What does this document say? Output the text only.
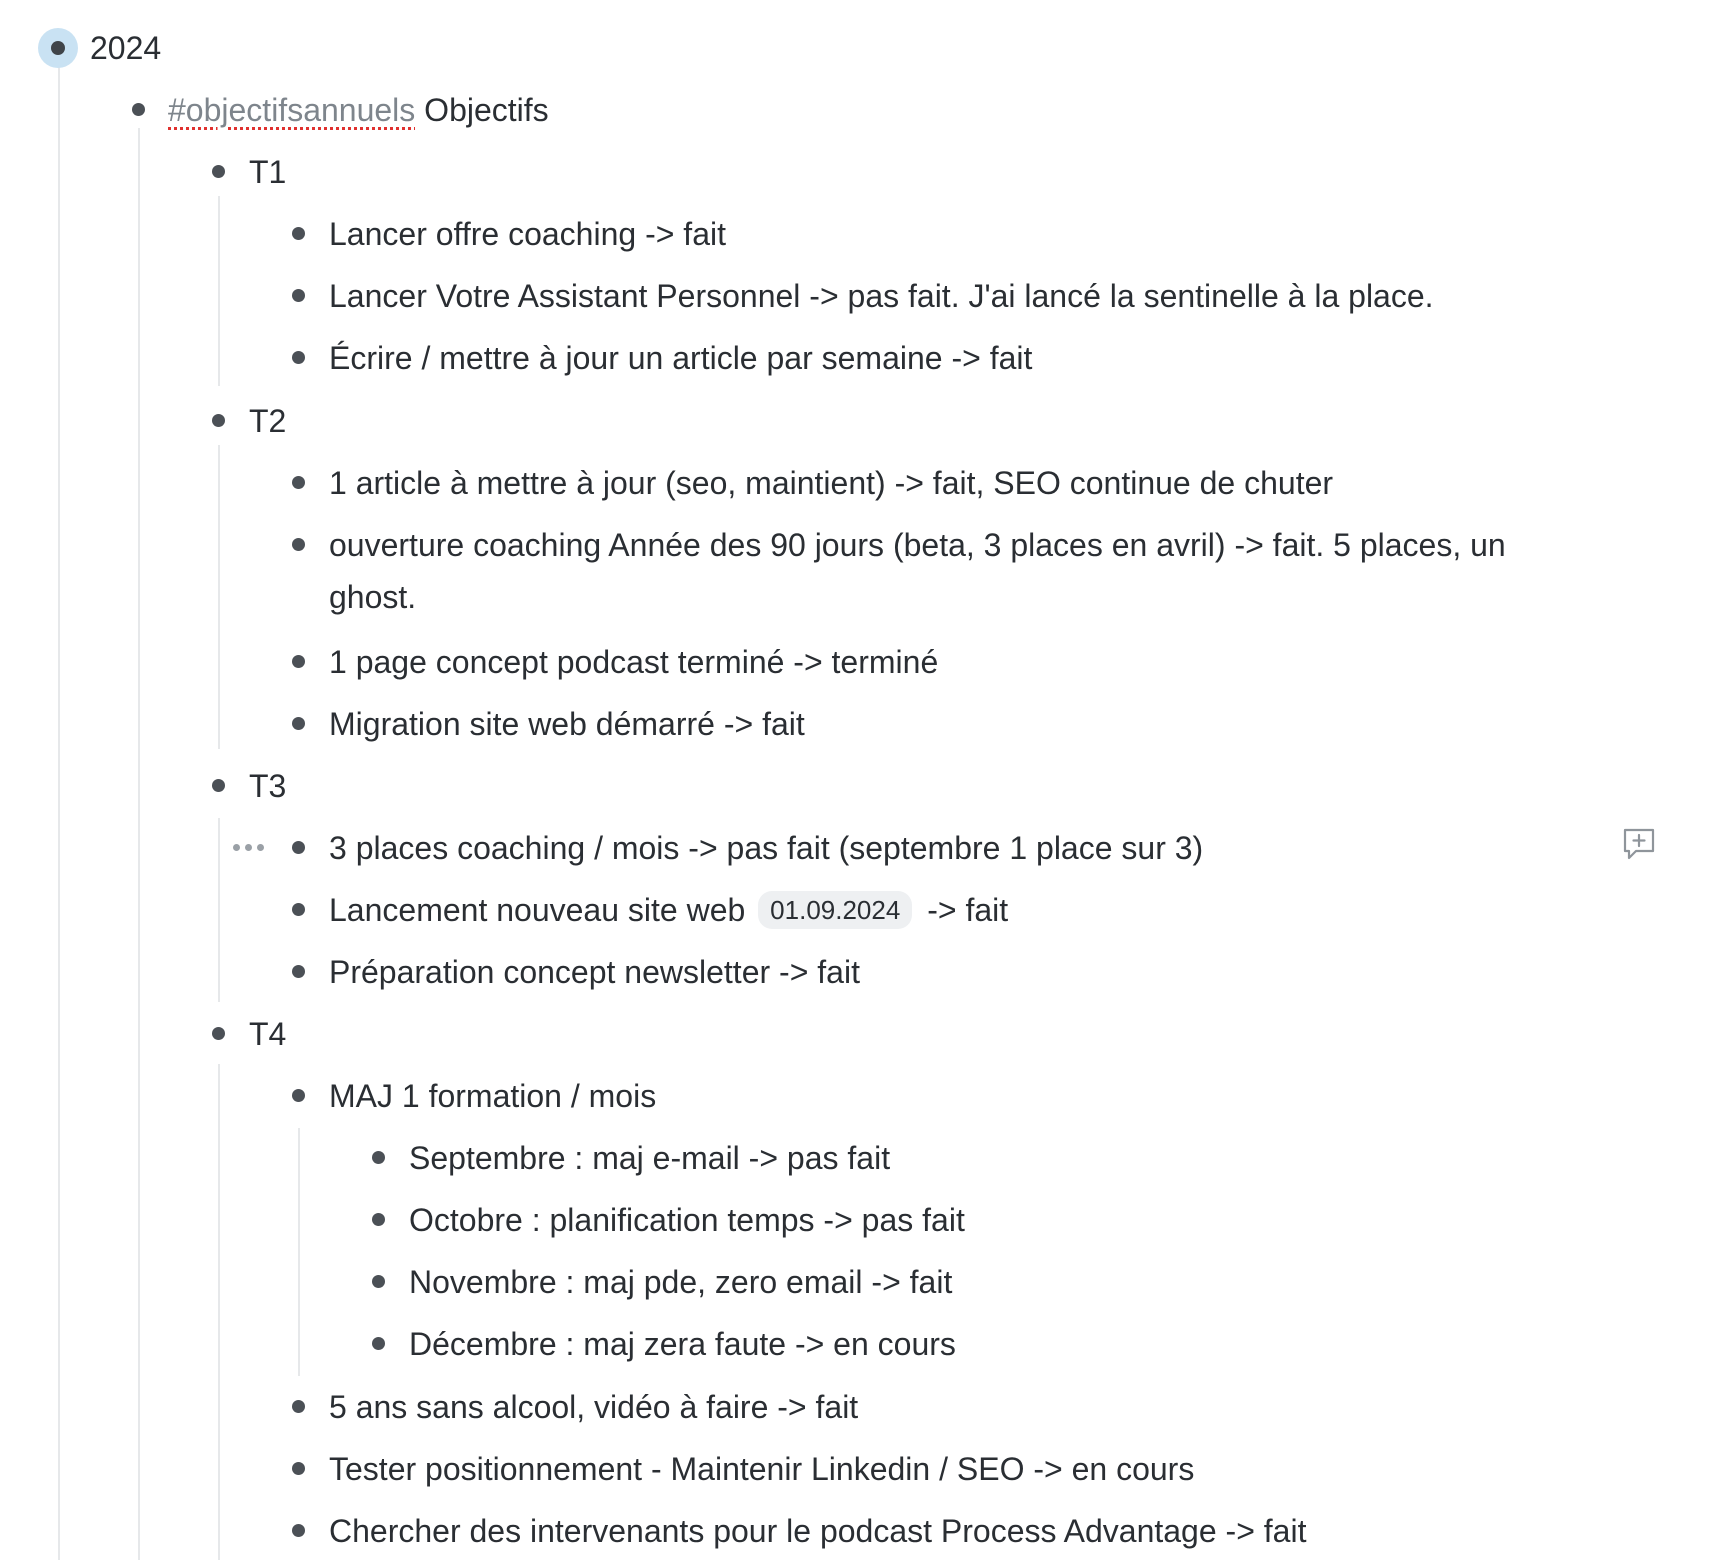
2024
#objectifsannuels Objectifs
T1
Lancer offre coaching -> fait
Lancer Votre Assistant Personnel -> pas fait. J'ai lancé la sentinelle à la place.
Écrire / mettre à jour un article par semaine -> fait
T2
1 article à mettre à jour (seo, maintient) -> fait, SEO continue de chuter
ouverture coaching Année des 90 jours (beta, 3 places en avril) -> fait. 5 places, un ghost.
1 page concept podcast terminé -> terminé
Migration site web démarré -> fait
T3
3 places coaching / mois -> pas fait (septembre 1 place sur 3)
Lancement nouveau site web 01.09.2024 -> fait
Préparation concept newsletter -> fait
T4
MAJ 1 formation / mois
Septembre : maj e-mail -> pas fait
Octobre : planification temps -> pas fait
Novembre : maj pde, zero email -> fait
Décembre : maj zera faute -> en cours
5 ans sans alcool, vidéo à faire -> fait
Tester positionnement - Maintenir Linkedin / SEO -> en cours
Chercher des intervenants pour le podcast Process Advantage -> fait
